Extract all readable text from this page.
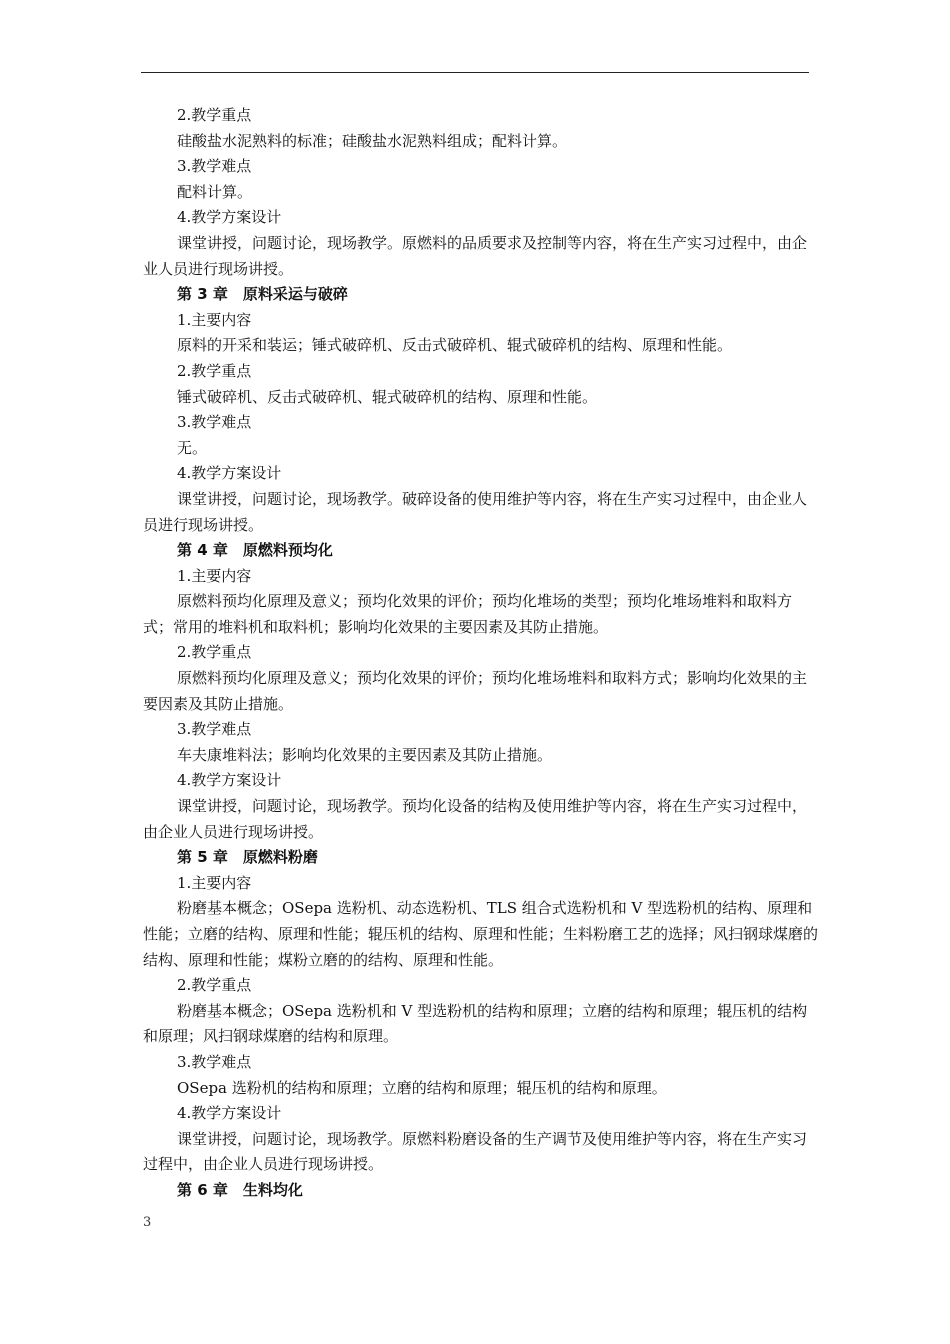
2.教学重点

硅酸盐水泥熟料的标准；硅酸盐水泥熟料组成；配料计算。

3.教学难点

配料计算。

4.教学方案设计

课堂讲授，问题讨论，现场教学。原燃料的品质要求及控制等内容，将在生产实习过程中，由企业人员进行现场讲授。

第 3 章　原料采运与破碎

1.主要内容

原料的开采和装运；锤式破碎机、反击式破碎机、辊式破碎机的结构、原理和性能。

2.教学重点

锤式破碎机、反击式破碎机、辊式破碎机的结构、原理和性能。

3.教学难点

无。

4.教学方案设计

课堂讲授，问题讨论，现场教学。破碎设备的使用维护等内容，将在生产实习过程中，由企业人员进行现场讲授。

第 4 章　原燃料预均化

1.主要内容

原燃料预均化原理及意义；预均化效果的评价；预均化堆场的类型；预均化堆场堆料和取料方式；常用的堆料机和取料机；影响均化效果的主要因素及其防止措施。

2.教学重点

原燃料预均化原理及意义；预均化效果的评价；预均化堆场堆料和取料方式；影响均化效果的主要因素及其防止措施。

3.教学难点

车夫康堆料法；影响均化效果的主要因素及其防止措施。

4.教学方案设计

课堂讲授，问题讨论，现场教学。预均化设备的结构及使用维护等内容，将在生产实习过程中，由企业人员进行现场讲授。

第 5 章　原燃料粉磨

1.主要内容

粉磨基本概念；OSepa 选粉机、动态选粉机、TLS 组合式选粉机和 V 型选粉机的结构、原理和性能；立磨的结构、原理和性能；辊压机的结构、原理和性能；生料粉磨工艺的选择；风扫钢球煤磨的结构、原理和性能；煤粉立磨的的结构、原理和性能。

2.教学重点

粉磨基本概念；OSepa 选粉机和 V 型选粉机的结构和原理；立磨的结构和原理；辊压机的结构和原理；风扫钢球煤磨的结构和原理。

3.教学难点

OSepa 选粉机的结构和原理；立磨的结构和原理；辊压机的结构和原理。

4.教学方案设计

课堂讲授，问题讨论，现场教学。原燃料粉磨设备的生产调节及使用维护等内容，将在生产实习过程中，由企业人员进行现场讲授。

第 6 章　生料均化

3
